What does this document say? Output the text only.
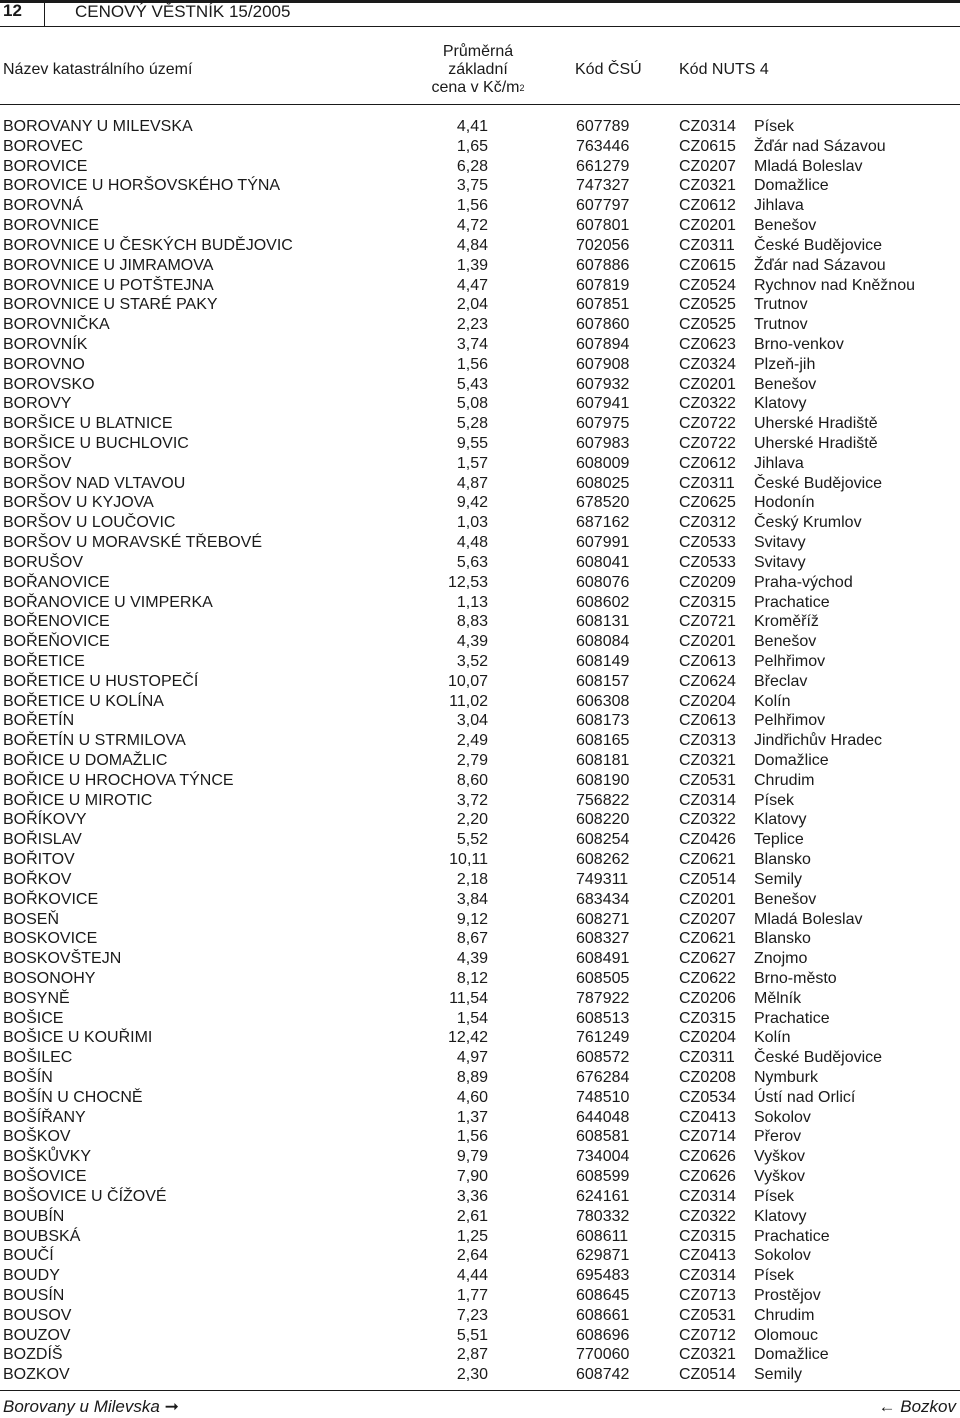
12	CENOVÝ VĚSTNÍK 15/2005
Název katastrálního území
Průměrná
základní
cena v $Kč/m^2$
Kód ČSÚ Kód NUTS 4
BOROVANY U MILEVSKA	4,41	607789	CZ0314 Písek
BOROVEC	1,65	763446	CZ0615 Žďár nad Sázavou
BOROVICE	6,28	661279	CZ0207 Mladá Boleslav
BOROVICE U HORŠOVSKÉHO TÝNA	3,75	747327	CZ0321 Domažlice
BOROVNÁ	1,56	607797	CZ0612 Jihlava
BOROVNICE	4,72	607801	CZ0201 Benešov
BOROVNICE U ČESKÝCH BUDĚJOVIC	4,84	702056	CZ0311 České Budějovice
BOROVNICE U JIMRAMOVA	1,39	607886	CZ0615 Žďár nad Sázavou
BOROVNICE U POTŠTEJNA	4,47	607819	CZ0524 Rychnov nad Kněžnou
BOROVNICE U STARÉ PAKY	2,04	607851	CZ0525 Trutnov
BOROVNIČKA	2,23	607860	CZ0525 Trutnov
BOROVNÍK	3,74	607894	CZ0623 Brno-venkov
BOROVNO	1,56	607908	CZ0324 Plzeň-jih
BOROVSKO	5,43	607932	CZ0201 Benešov
BOROVY	5,08	607941	CZ0322 Klatovy
BORŠICE U BLATNICE	5,28	607975	CZ0722 Uherské Hradiště
BORŠICE U BUCHLOVIC	9,55	607983	CZ0722 Uherské Hradiště
BORŠOV	1,57	608009	CZ0612 Jihlava
BORŠOV NAD VLTAVOU	4,87	608025	CZ0311 České Budějovice
BORŠOV U KYJOVA	9,42	678520	CZ0625 Hodonín
BORŠOV U LOUČOVIC	1,03	687162	CZ0312 Český Krumlov
BORŠOV U MORAVSKÉ TŘEBOVÉ	4,48	607991	CZ0533 Svitavy
BORUŠOV	5,63	608041	CZ0533 Svitavy
BOŘANOVICE	12,53	608076	CZ0209 Praha-východ
BOŘANOVICE U VIMPERKA	1,13	608602	CZ0315 Prachatice
BOŘENOVICE	8,83	608131	CZ0721 Kroměříž
BOŘEŇOVICE	4,39	608084	CZ0201 Benešov
BOŘETICE	3,52	608149	CZ0613 Pelhřimov
BOŘETICE U HUSTOPEČÍ	10,07	608157	CZ0624 Břeclav
BOŘETICE U KOLÍNA	11,02	606308	CZ0204 Kolín
BOŘETÍN	3,04	608173	CZ0613 Pelhřimov
BOŘETÍN U STRMILOVA	2,49	608165	CZ0313 Jindřichův Hradec
BOŘICE U DOMAŽLIC	2,79	608181	CZ0321 Domažlice
BOŘICE U HROCHOVA TÝNCE	8,60	608190	CZ0531 Chrudim
BOŘICE U MIROTIC	3,72	756822	CZ0314 Písek
BOŘÍKOVY	2,20	608220	CZ0322 Klatovy
BOŘISLAV	5,52	608254	CZ0426 Teplice
BOŘITOV	10,11	608262	CZ0621 Blansko
BOŘKOV	2,18	749311	CZ0514 Semily
BOŘKOVICE	3,84	683434	CZ0201 Benešov
BOSEŇ	9,12	608271	CZ0207 Mladá Boleslav
BOSKOVICE	8,67	608327	CZ0621 Blansko
BOSKOVŠTEJN	4,39	608491	CZ0627 Znojmo
BOSONOHY	8,12	608505	CZ0622 Brno-město
BOSYNĚ	11,54	787922	CZ0206 Mělník
BOŠICE	1,54	608513	CZ0315 Prachatice
BOŠICE U KOUŘIMI	12,42	761249	CZ0204 Kolín
BOŠILEC	4,97	608572	CZ0311 České Budějovice
BOŠÍN	8,89	676284	CZ0208 Nymburk
BOŠÍN U CHOCNĚ	4,60	748510	CZ0534 Ústí nad Orlicí
BOŠÍŘANY	1,37	644048	CZ0413 Sokolov
BOŠKOV	1,56	608581	CZ0714 Přerov
BOŠKŮVKY	9,79	734004	CZ0626 Vyškov
BOŠOVICE	7,90	608599	CZ0626 Vyškov
BOŠOVICE U ČÍŽOVÉ	3,36	624161	CZ0314 Písek
BOUBÍN	2,61	780332	CZ0322 Klatovy
BOUBSKÁ	1,25	608611	CZ0315 Prachatice
BOUČÍ	2,64	629871	CZ0413 Sokolov
BOUDY	4,44	695483	CZ0314 Písek
BOUSÍN	1,77	608645	CZ0713 Prostějov
BOUSOV	7,23	608661	CZ0531 Chrudim
BOUZOV	5,51	608696	CZ0712 Olomouc
BOZDÍŠ	2,87	770060	CZ0321 Domažlice
BOZKOV	2,30	608742	CZ0514 Semily
Borovany u Milevska ➞	← Bozkov
